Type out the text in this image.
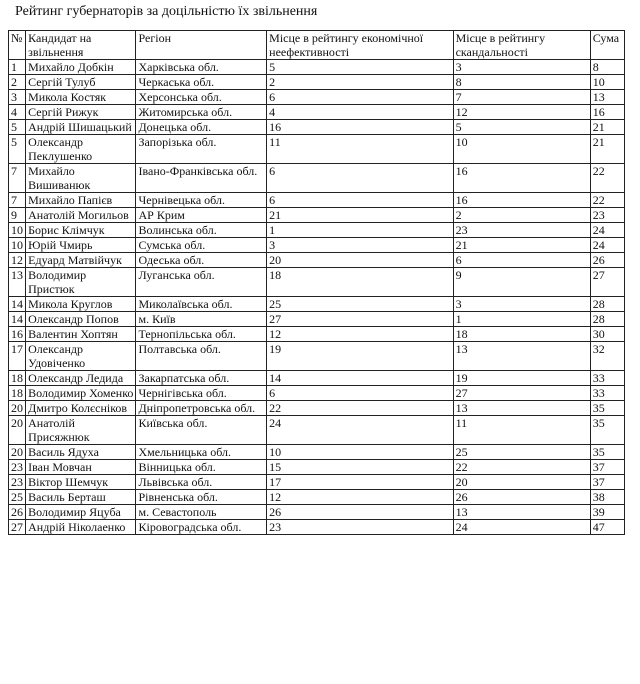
Рейтинг губернаторів за доцільністю їх звільнення
№	Кандидат на звільнення	Регіон	Місце в рейтингу економічної неефективності	Місце в рейтингу скандальності	Сума
1	Михайло Добкін	Харківська обл.	5	3	8
2	Сергій Тулуб	Черкаська обл.	2	8	10
3	Микола Костяк	Херсонська обл.	6	7	13
4	Сергій Рижук	Житомирська обл.	4	12	16
5	Андрій Шишацький	Донецька обл.	16	5	21
5	Олександр Пеклушенко	Запорізька обл.	11	10	21
7	Михайло Вишиванюк	Івано-Франківська обл.	6	16	22
7	Михайло Папієв	Чернівецька обл.	6	16	22
9	Анатолій Могильов	АР Крим	21	2	23
10	Борис Клімчук	Волинська обл.	1	23	24
10	Юрій Чмирь	Сумська обл.	3	21	24
12	Едуард Матвійчук	Одеська обл.	20	6	26
13	Володимир Пристюк	Луганська обл.	18	9	27
14	Микола Круглов	Миколаївська обл.	25	3	28
14	Олександр Попов	м. Київ	27	1	28
16	Валентин Хоптян	Тернопільська обл.	12	18	30
17	Олександр Удовіченко	Полтавська обл.	19	13	32
18	Олександр Ледида	Закарпатська обл.	14	19	33
18	Володимир Хоменко	Чернігівська обл.	6	27	33
20	Дмитро Колєсніков	Дніпропетровська обл.	22	13	35
20	Анатолій Присяжнюк	Київська обл.	24	11	35
20	Василь Ядуха	Хмельницька обл.	10	25	35
23	Іван Мовчан	Вінницька обл.	15	22	37
23	Віктор Шемчук	Львівська обл.	17	20	37
25	Василь Берташ	Рівненська обл.	12	26	38
26	Володимир Яцуба	м. Севастополь	26	13	39
27	Андрій Ніколаенко	Кіровоградська обл.	23	24	47
